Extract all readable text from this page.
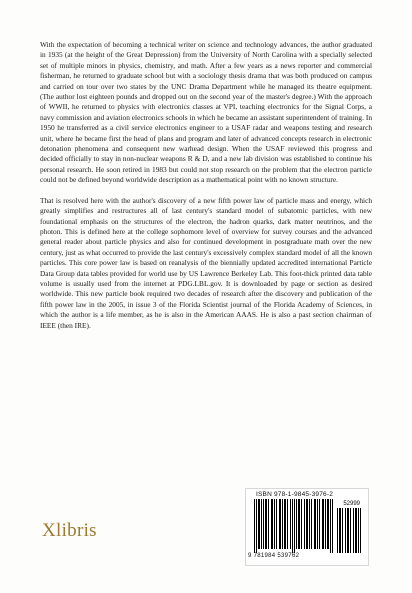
With the expectation of becoming a technical writer on science and technology advances, the author graduated in 1935 (at the height of the Great Depression) from the University of North Carolina with a specially selected set of multiple minors in physics, chemistry, and math. After a few years as a news reporter and commercial fisherman, he returned to graduate school but with a sociology thesis drama that was both produced on campus and carried on tour over two states by the UNC Drama Department while he managed its theatre equipment. (The author lost eighteen pounds and dropped out on the second year of the master's degree.) With the approach of WWII, he returned to physics with electronics classes at VPI, teaching electronics for the Signal Corps, a navy commission and aviation electronics schools in which he became an assistant superintendent of training. In 1950 he transferred as a civil service electronics engineer to a USAF radar and weapons testing and research unit, where he became first the head of plans and program and later of advanced concepts research in electronic detonation phenomena and consequent new warhead design. When the USAF reviewed this progress and decided officially to stay in non-nuclear weapons R & D, and a new lab division was established to continue his personal research. He soon retired in 1983 but could not stop research on the problem that the electron particle could not be defined beyond worldwide description as a mathematical point with no known structure.

That is resolved here with the author's discovery of a new fifth power law of particle mass and energy, which greatly simplifies and restructures all of last century's standard model of subatomic particles, with new foundational emphasis on the structures of the electron, the hadron quarks, dark matter neutrinos, and the photon. This is defined here at the college sophomore level of overview for survey courses and the advanced general reader about particle physics and also for continued development in postgraduate math over the new century, just as what occurred to provide the last century's excessively complex standard model of all the known particles. This core power law is based on reanalysis of the biennially updated accredited international Particle Data Group data tables provided for world use by US Lawrence Berkeley Lab. This foot-thick printed data table volume is usually used from the internet at PDG.LBL.gov. It is downloaded by page or section as desired worldwide. This new particle book required two decades of research after the discovery and publication of the fifth power law in the 2005, in issue 3 of the Florida Scientist journal of the Florida Academy of Sciences, in which the author is a life member, as he is also in the American AAAS. He is also a past section chairman of IEEE (then IRE).

ISBN 978-1-9845-3976-2
52999
9 781984 539762
Xlibris
